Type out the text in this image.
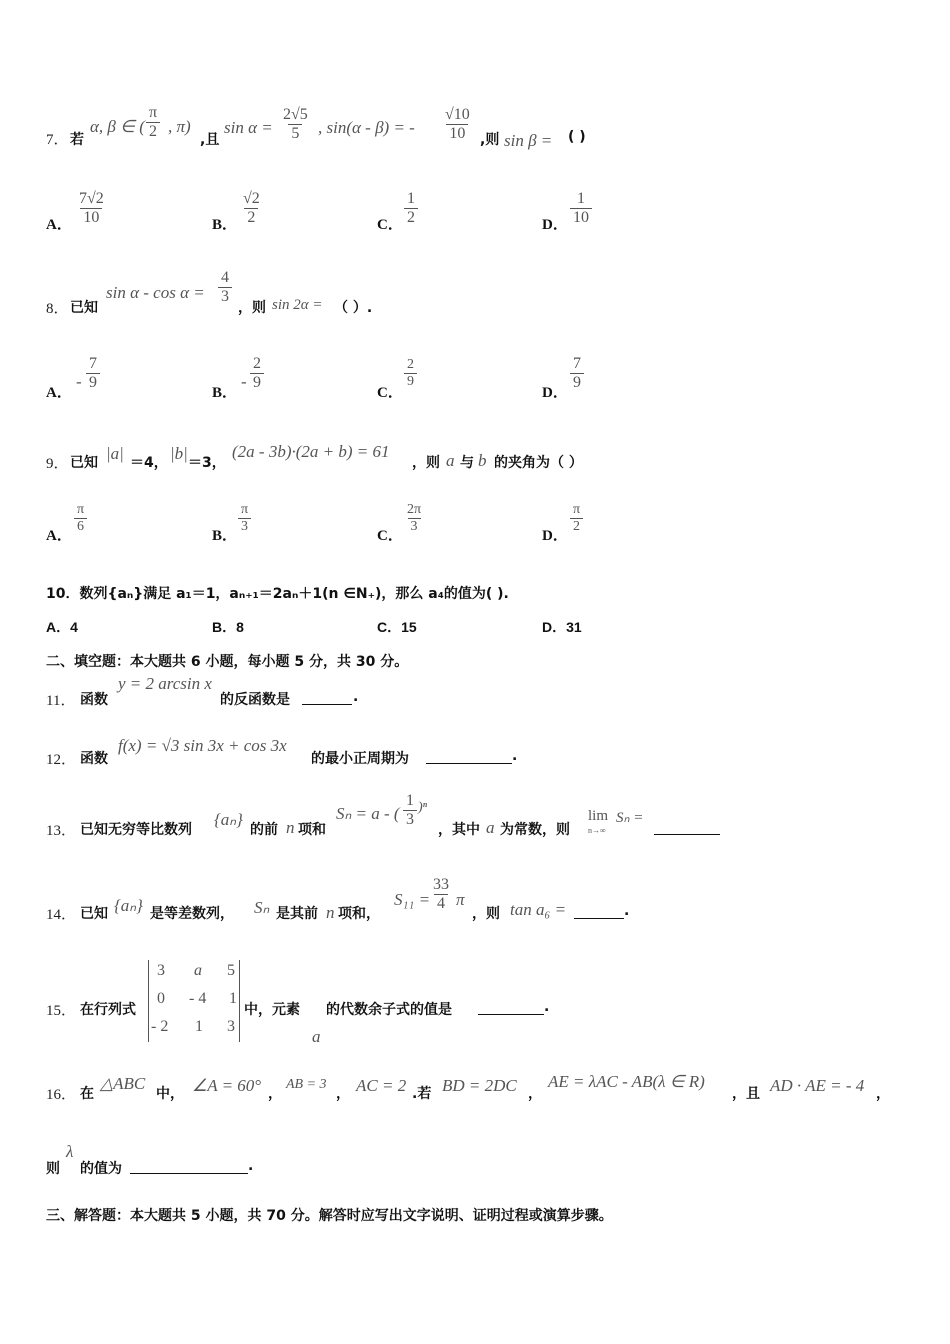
7． 若
α, β ∈ ( $\frac{\pi}{2}$ , π)
,且
$\sin \alpha = \frac{2√5}{5}$ , sin(α - β) = - $\frac{√10}{10}$ ,则 sin β = ( )
A． $\frac{7√2}{10}$	B． $\frac{√2}{2}$	C． $\frac{1}{2}$	D． $\frac{1}{10}$
8． 已知
$\sin \alpha - \cos \alpha = \frac{4}{3}$
，则 sin 2α = （ ）.
A．
- $\frac{7}{9}$
B．
- $\frac{2}{9}$
C．
$\frac{2}{9}$
D．
$\frac{7}{9}$
9． 已知 |a| ＝4， |b| ＝3，
(2a - 3b)·(2a + b) = 61
，则 a 与 b 的夹角为（ ）
A．
$\frac{\pi}{6}$
B．
$\frac{\pi}{3}$
C．
$\frac{2\pi}{3}$
D．
$\frac{\pi}{2}$
10．数列{aₙ}满足 a₁＝1，aₙ₊₁＝2aₙ＋1(n ∈N₊)，那么 a₄的值为( ).
A．4	B．8	C．15	D．31
二、填空题：本大题共 6 小题，每小题 5 分，共 30 分。
11． 函数
y = 2 arcsin x
的反函数是	.
12． 函数
f(x) = √3 sin 3x + cos 3x
的最小正周期为	.
13． 已知无穷等比数列
{aₙ}
的前 n 项和
Sₙ = a - ( $\frac{1}{3} )^n$
，其中 a 为常数，则
lim
n→∞
Sₙ =
14． 已知 {aₙ} 是等差数列， Sₙ 是其前 n 项和，
$S_{11} = \frac{33}{4}$ π
，则 tan a₆ =	.
15． 在行列式
3 a 5
0 - 4 1
- 2 1 3
中，元素
a
的代数余子式的值是	.
16． 在
△ABC
中， ∠A = 60° ，
AB = 3
， AC = 2 .若 BD = 2DC ，
AE = λAC - AB(λ ∈ R)
，且 AD · AE = - 4 ，
则
λ
的值为	.
三、解答题：本大题共 5 小题，共 70 分。解答时应写出文字说明、证明过程或演算步骤。
